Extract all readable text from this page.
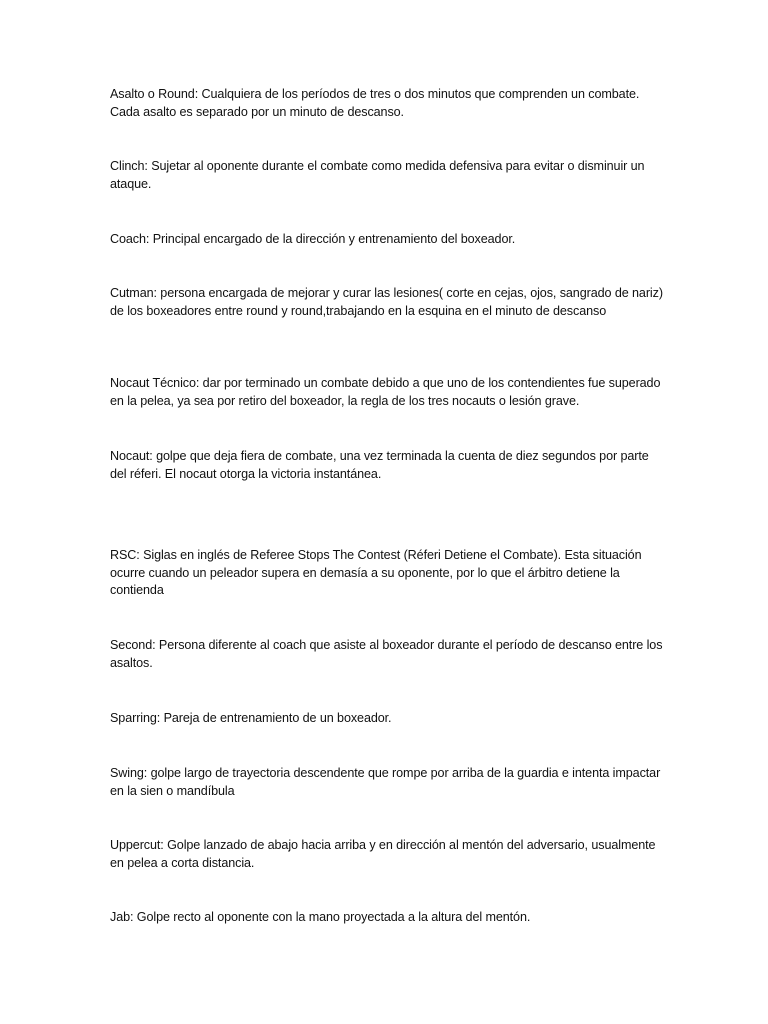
Asalto o Round: Cualquiera de los períodos de tres o dos minutos que comprenden un combate. Cada asalto es separado por un minuto de descanso.

Clinch: Sujetar al oponente durante el combate como medida defensiva para evitar o disminuir un ataque.

Coach: Principal encargado de la dirección y entrenamiento del boxeador.

Cutman: persona encargada de mejorar y curar las lesiones( corte en cejas, ojos, sangrado de nariz) de los boxeadores entre round y round,trabajando en la esquina en el minuto de descanso

Nocaut Técnico: dar por terminado un combate debido a que uno de los contendientes fue superado en la pelea, ya sea por retiro del boxeador, la regla de los tres nocauts o lesión grave.

Nocaut: golpe que deja fiera de combate, una vez terminada la cuenta de diez segundos por parte del réferi. El nocaut otorga la victoria instantánea.

RSC: Siglas en inglés de Referee Stops The Contest (Réferi Detiene el Combate). Esta situación ocurre cuando un peleador supera en demasía a su oponente, por lo que el árbitro detiene la contienda

Second: Persona diferente al coach que asiste al boxeador durante el período de descanso entre los asaltos.

Sparring: Pareja de entrenamiento de un boxeador.

Swing: golpe largo de trayectoria descendente que rompe por arriba de la guardia e intenta impactar en la sien o mandíbula

Uppercut: Golpe lanzado de abajo hacia arriba y en dirección al mentón del adversario, usualmente en pelea a corta distancia.

Jab: Golpe recto al oponente con la mano proyectada a la altura del mentón.
